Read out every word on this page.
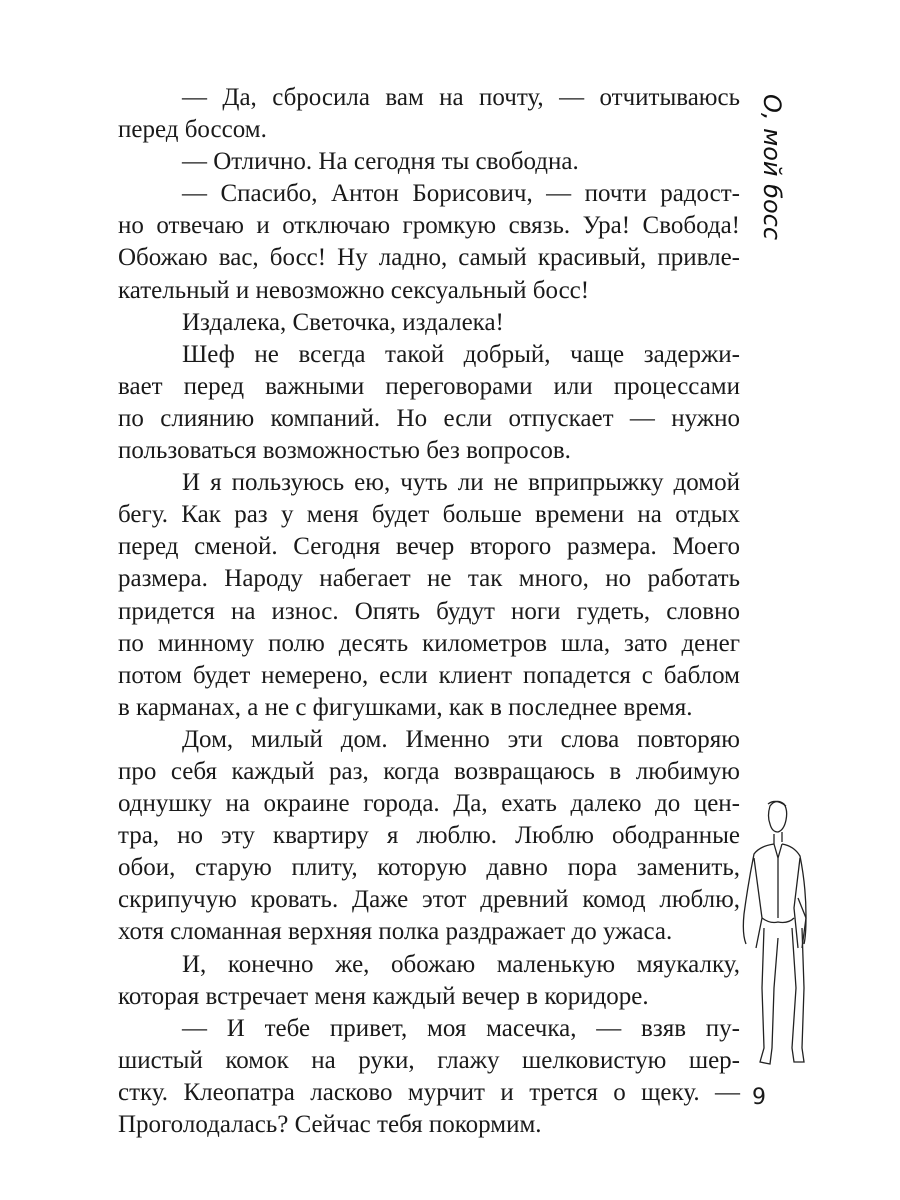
О, мой босс
— Да, сбросила вам на почту, — отчитываюсь
перед боссом.
— Отлично. На сегодня ты свободна.
— Спасибо, Антон Борисович, — почти радост-
но отвечаю и отключаю громкую связь. Ура! Свобода!
Обожаю вас, босс! Ну ладно, самый красивый, привле-
кательный и невозможно сексуальный босс!
Издалека, Светочка, издалека!
Шеф не всегда такой добрый, чаще задержи-
вает перед важными переговорами или процессами
по слиянию компаний. Но если отпускает — нужно
пользоваться возможностью без вопросов.
И я пользуюсь ею, чуть ли не вприпрыжку домой
бегу. Как раз у меня будет больше времени на отдых
перед сменой. Сегодня вечер второго размера. Моего
размера. Народу набегает не так много, но работать
придется на износ. Опять будут ноги гудеть, словно
по минному полю десять километров шла, зато денег
потом будет немерено, если клиент попадется с баблом
в карманах, а не с фигушками, как в последнее время.
Дом, милый дом. Именно эти слова повторяю
про себя каждый раз, когда возвращаюсь в любимую
однушку на окраине города. Да, ехать далеко до цен-
тра, но эту квартиру я люблю. Люблю ободранные
обои, старую плиту, которую давно пора заменить,
скрипучую кровать. Даже этот древний комод люблю,
хотя сломанная верхняя полка раздражает до ужаса.
И, конечно же, обожаю маленькую мяукалку,
которая встречает меня каждый вечер в коридоре.
— И тебе привет, моя масечка, — взяв пу-
шистый комок на руки, глажу шелковистую шер-
стку. Клеопатра ласково мурчит и трется о щеку. —
Проголодалась? Сейчас тебя покормим.
9
